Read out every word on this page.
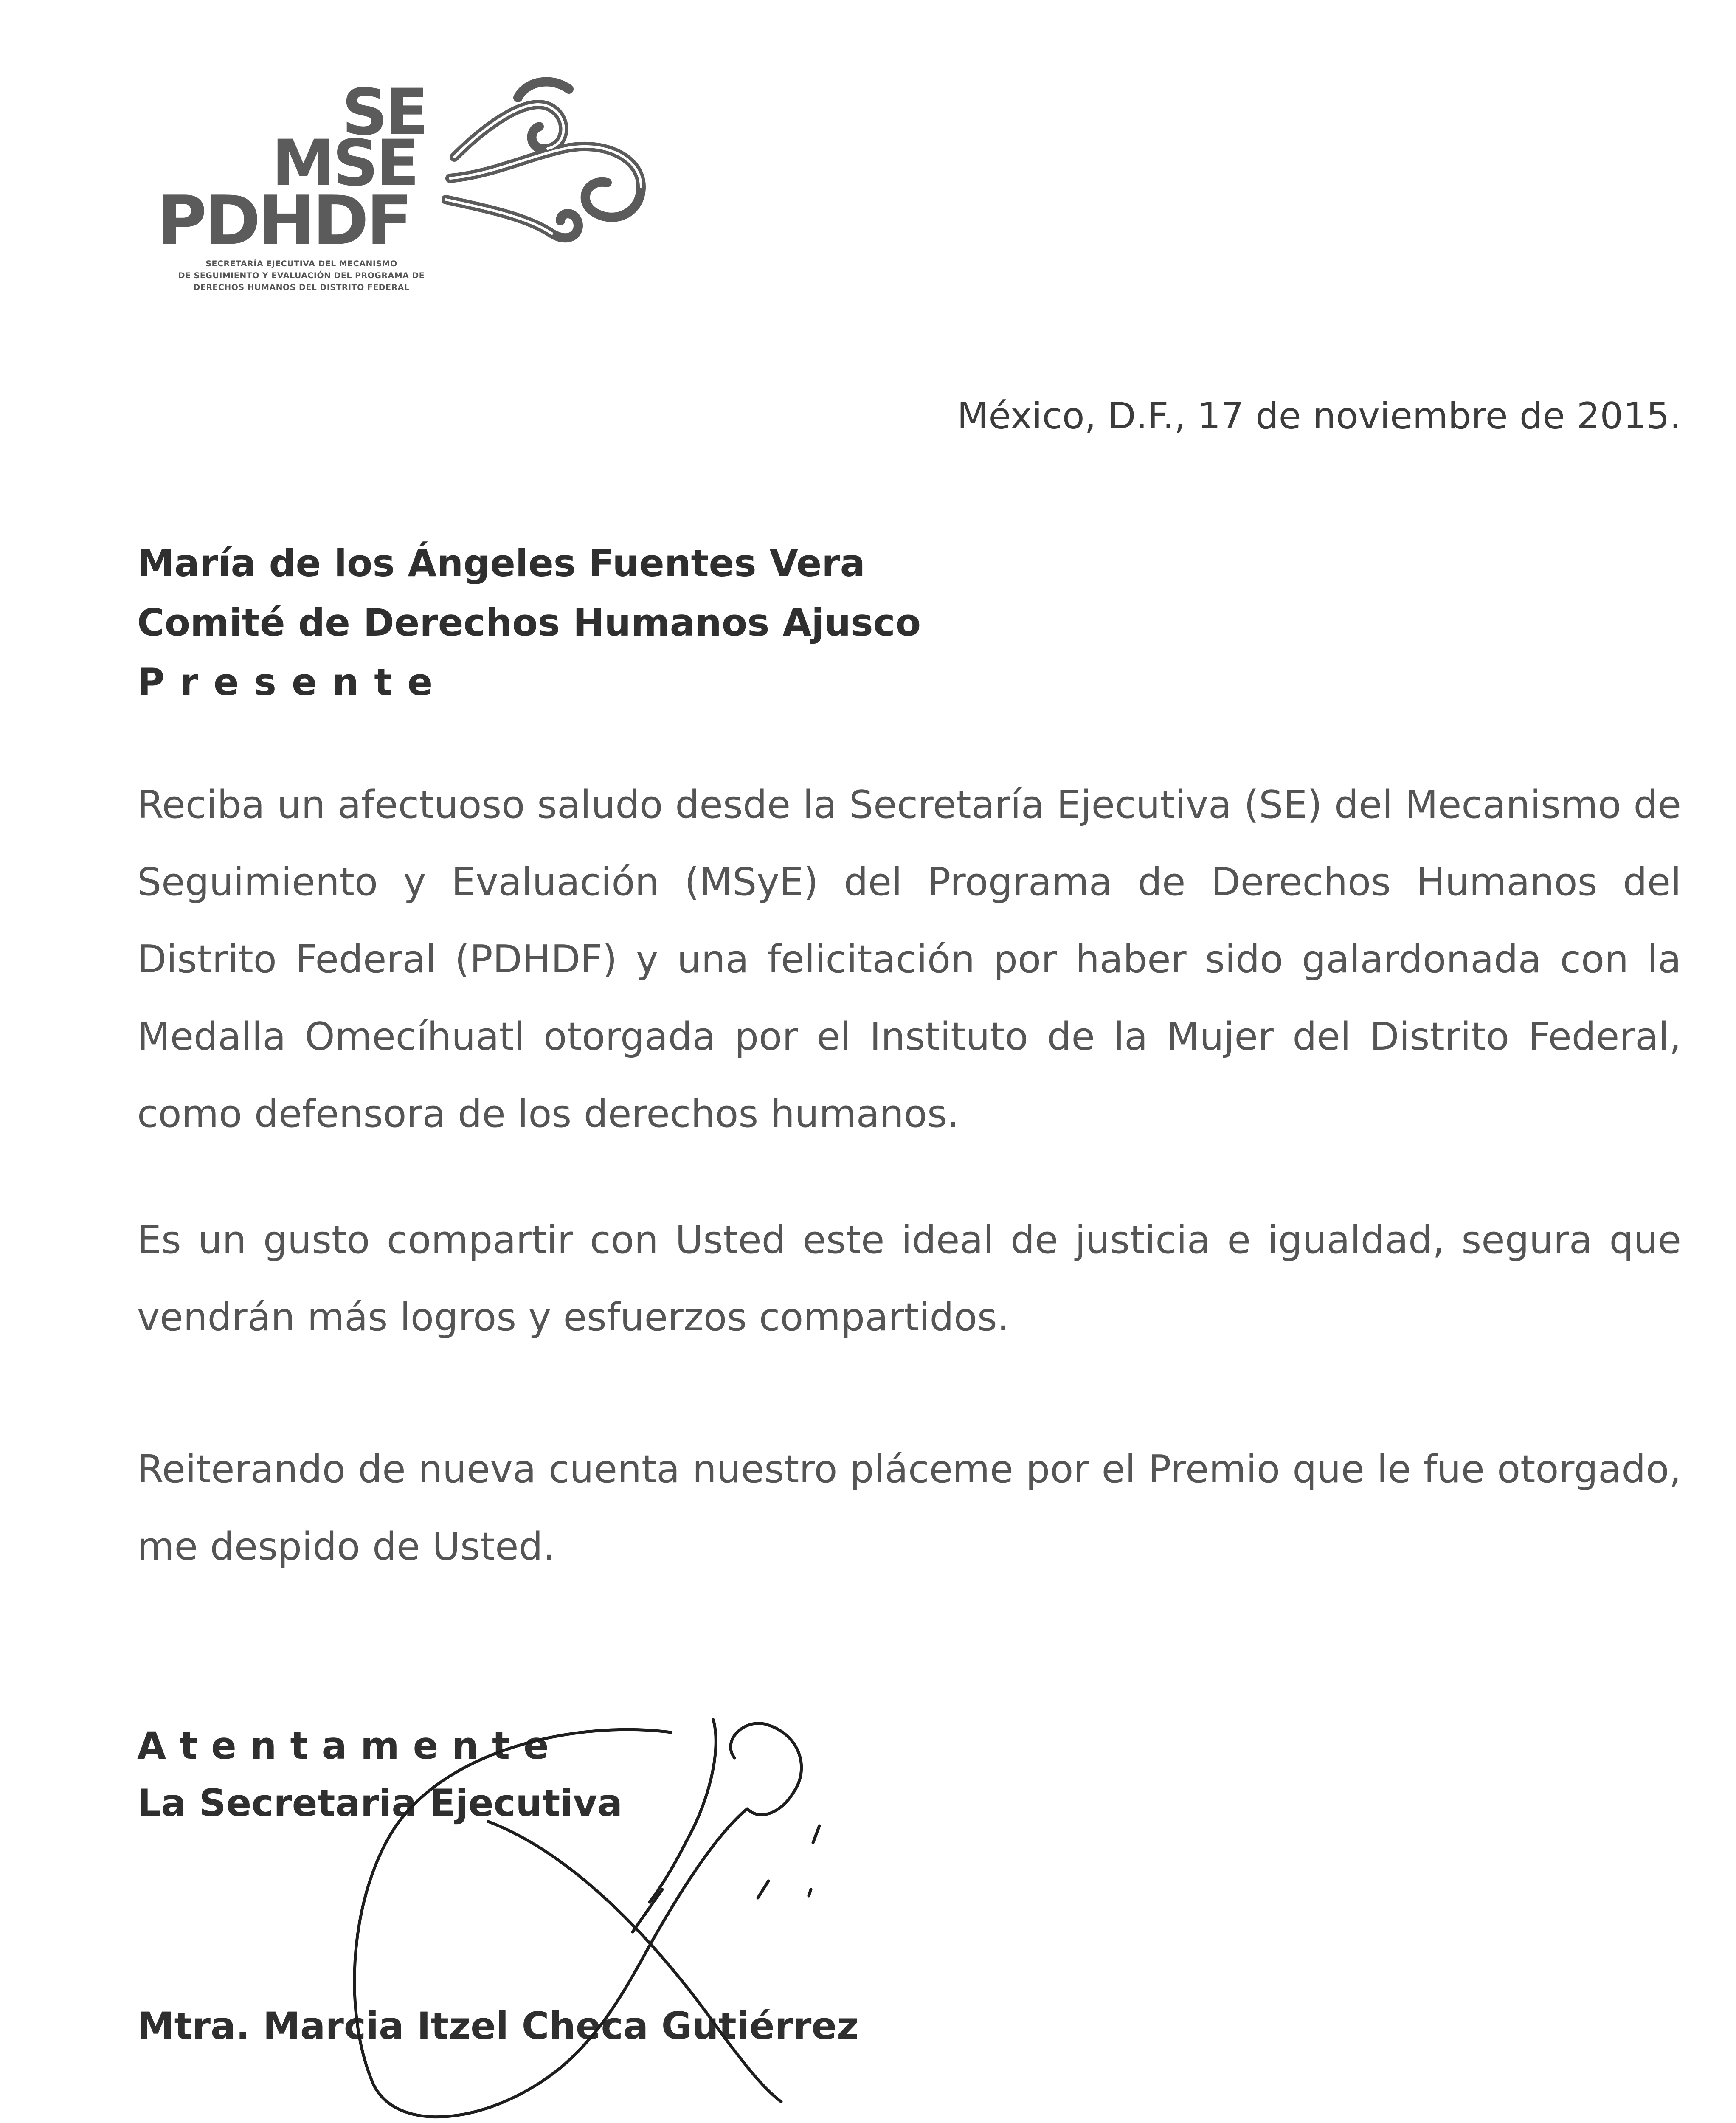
SE
MSE
PDHDF
SECRETARÍA EJECUTIVA DEL MECANISMO
DE SEGUIMIENTO Y EVALUACIÓN DEL PROGRAMA DE
DERECHOS HUMANOS DEL DISTRITO FEDERAL
México, D.F., 17 de noviembre de 2015.
María de los Ángeles Fuentes Vera
Comité de Derechos Humanos Ajusco
Presente

Reciba un afectuoso saludo desde la Secretaría Ejecutiva (SE) del Mecanismo de Seguimiento y Evaluación (MSyE) del Programa de Derechos Humanos del Distrito Federal (PDHDF) y una felicitación por haber sido galardonada con la Medalla Omecíhuatl otorgada por el Instituto de la Mujer del Distrito Federal, como defensora de los derechos humanos.

Es un gusto compartir con Usted este ideal de justicia e igualdad, segura que vendrán más logros y esfuerzos compartidos.

Reiterando de nueva cuenta nuestro pláceme por el Premio que le fue otorgado, me despido de Usted.

Atentamente
La Secretaria Ejecutiva
Mtra. Marcia Itzel Checa Gutiérrez
